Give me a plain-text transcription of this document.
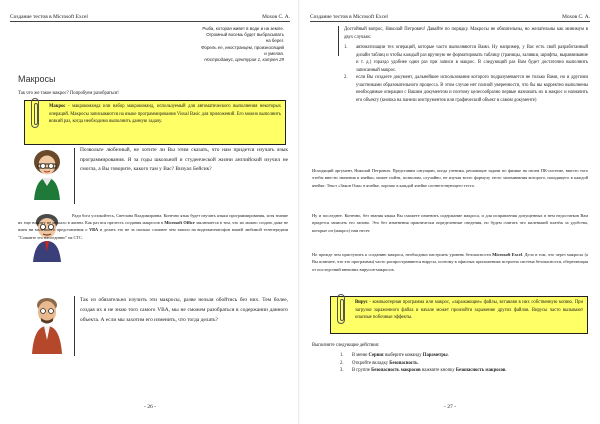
Создание тестов в Microsoft Excel	Мохов С. А.
Рыба, которая живет в воде и на земле.
Огромный восемь будет выбрасывать
на берег.
Форель ее, иностранцем, произносящий
и умелая.
Ностродамус, Центурия 1, катрен 29
Макросы
Так что же такое макрос? Попробуем разобраться!
Макрос - макрокоманда или набор макрокоманд, используемый для автоматического выполнения некоторых операций. Макросы записываются на языке программирования Visual Basic для приложений. Его можно выполнить всякий раз, когда необходимо выполнить данную задачу.
Позвольте любезный, не хотите ли Вы этим сказать, что нам придется изучать язык программирования. Я за годы школьной и студенческой жизни английский изучил не смогла, а Вы говорите, какого там у Вас? Визуал Бейсик?
Ради бога успокойтесь, Светлана Владимировна. Конечно язык будет изучить языки программирования, хотя знание их еще никому не мешало в жизни. Как раз вся прелесть создания макросов в Microsoft Office заключается в том, что их можно создать даже не имея ни малейшего представления о VBA и делать это не за сколько сложнее чем записи на видеомагнитофон вашей любимой телепередачи "Сошанте это насоединно" на СТС.
Так из обязательно изучить эти макросы, разве нельзя обойтись без них. Тем более, создая их я не знаю того самого VBA, мы не сможем разобраться в содержании данного объекта. А если мы захотим его изменить, что тогда делать?
- 26 -
Создание тестов в Microsoft Excel	Мохов С. А.
Достойный вопрос, Николай Петрович! Давайте по порядку. Макросы не обязательны, но желательны как минимум в двух случаях:
1. автоматизации тех операций, которые часто выполняются Вами. Ну например, у Вас есть свой разработанный дизайн таблиц и чтобы каждый раз вручную не форматировать таблицу (границы, заливки, шрифты, выравнивание и т. д.) гораздо удобнее один раз при записи в макрос. В следующий раз Вам будет достаточно выполнить записанный макрос.
2. если Вы создаете документ, дальнейшее использование которого подразумевается не только Вами, но и другими участниками образовательного процесса. В этом случае нет полной уверенности, что бы вы корректно выполнены необходимые операции с Вашим документом и поэтому целесообразно первые назначать их в макрос и назначить его объекту (кнопка на панели инструментов или графический объект в самом документе)
Исходящий аргумент, Николай Петрович. Представим ситуацию, когда ученика, решающие задачи по физике на своем ПК-системе, вместо того чтобы внести значения в ячейки, может пойти, позволим, случайно, не изучая всего формулу этого запоминания которого, находящего в каждой ячейке. Текст «Закон Ома» в ячейке, хорошо в каждой ячейке соответствующего теста.
Ну и последнее. Конечно, без знания языка Вы сможете изменить содержание макроса, и для исправления допущенных в нем недостатков Вам придется записать его заново. Это без изменения практически определенные сведения, но будем считать что маленький платёж за удобства, которые он (макрос) нам несет.
Но прежде чем приступить к созданию макроса, необходимо настроить уровень безопасности Microsoft Excel. Дело в том, что через макросы (а Вы помните, что это программы) часто распространяются вирусы, поэтому в офисных приложениях встроена система безопасности, оберегающая от последствий внешних вирусов-макросов.
Вирус - компьютерная программа или макрос, «заражающие» файлы, вставляя в них собственную копию. При загрузке зараженного файла и начале может произойти заражение других файлов. Вирусы часто вызывают опасные побочные эффекты.
Выполните следующие действия:
1. В меню Сервис выберите команду Параметры.
2. Откройте вкладку Безопасность.
3. В группе Безопасность макросов нажмите кнопку Безопасность макросов.
- 27 -
